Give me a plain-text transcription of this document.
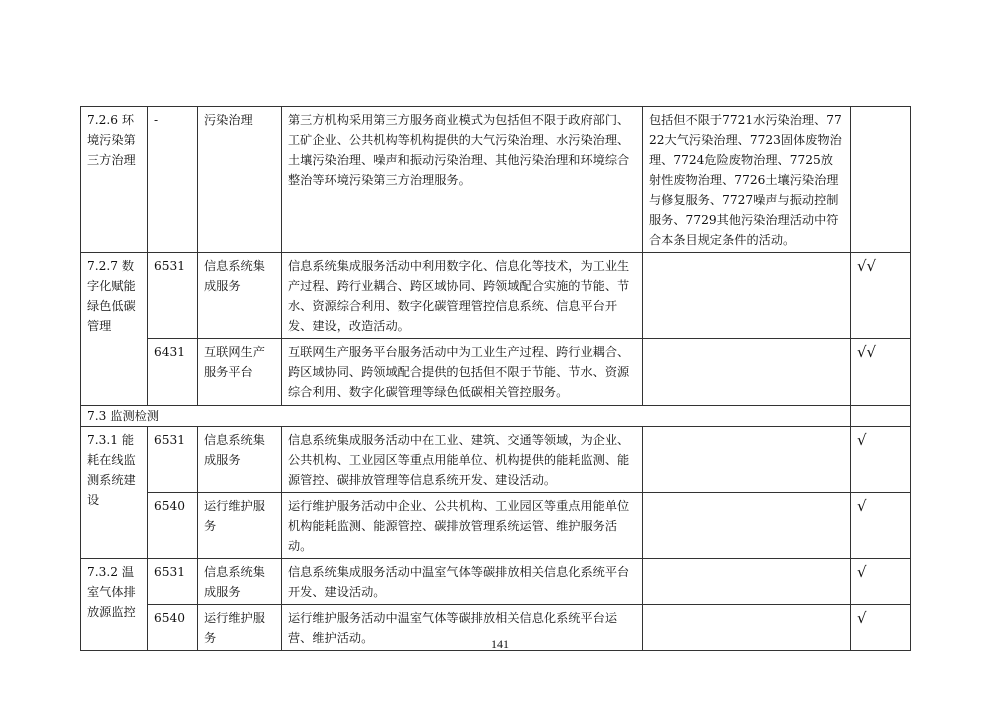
7.2.6 环境污染第三方治理	-	污染治理	第三方机构采用第三方服务商业模式为包括但不限于政府部门、工矿企业、公共机构等机构提供的大气污染治理、水污染治理、土壤污染治理、噪声和振动污染治理、其他污染治理和环境综合整治等环境污染第三方治理服务。	包括但不限于7721水污染治理、7722大气污染治理、7723固体废物治理、7724危险废物治理、7725放射性废物治理、7726土壤污染治理与修复服务、7727噪声与振动控制服务、7729其他污染治理活动中符合本条目规定条件的活动。	
7.2.7 数字化赋能绿色低碳管理	6531	信息系统集成服务	信息系统集成服务活动中利用数字化、信息化等技术，为工业生产过程、跨行业耦合、跨区域协同、跨领域配合实施的节能、节水、资源综合利用、数字化碳管理管控信息系统、信息平台开发、建设，改造活动。		√√
	6431	互联网生产服务平台	互联网生产服务平台服务活动中为工业生产过程、跨行业耦合、跨区域协同、跨领域配合提供的包括但不限于节能、节水、资源综合利用、数字化碳管理等绿色低碳相关管控服务。		√√
7.3 监测检测					
7.3.1 能耗在线监测系统建设	6531	信息系统集成服务	信息系统集成服务活动中在工业、建筑、交通等领域，为企业、公共机构、工业园区等重点用能单位、机构提供的能耗监测、能源管控、碳排放管理等信息系统开发、建设活动。		√
	6540	运行维护服务	运行维护服务活动中企业、公共机构、工业园区等重点用能单位机构能耗监测、能源管控、碳排放管理系统运管、维护服务活动。		√
7.3.2 温室气体排放源监控	6531	信息系统集成服务	信息系统集成服务活动中温室气体等碳排放相关信息化系统平台开发、建设活动。		√
	6540	运行维护服务	运行维护服务活动中温室气体等碳排放相关信息化系统平台运营、维护活动。		√
141
